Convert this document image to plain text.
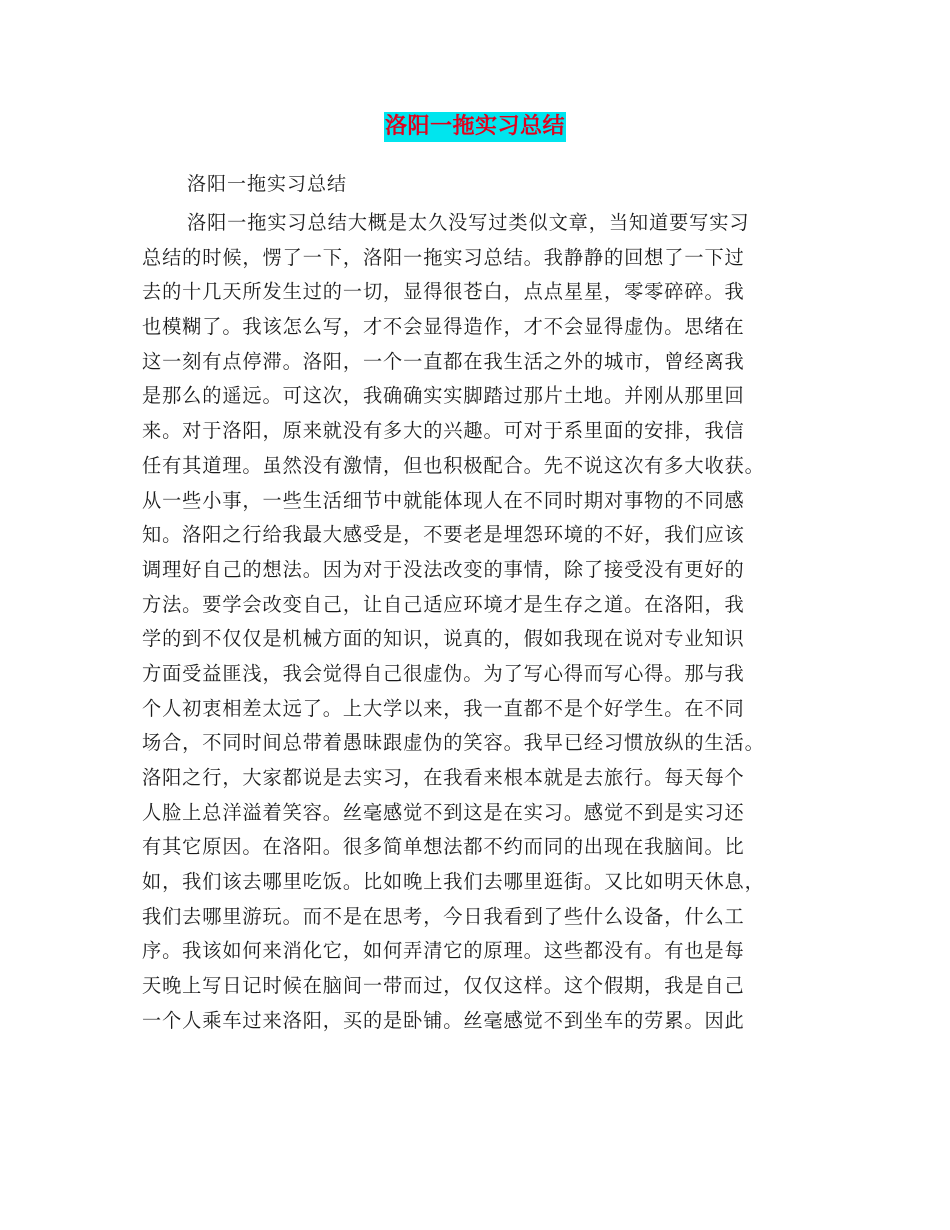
洛阳一拖实习总结
洛阳一拖实习总结
洛阳一拖实习总结大概是太久没写过类似文章，当知道要写实习
总结的时候，愣了一下，洛阳一拖实习总结。我静静的回想了一下过
去的十几天所发生过的一切，显得很苍白，点点星星，零零碎碎。我
也模糊了。我该怎么写，才不会显得造作，才不会显得虚伪。思绪在
这一刻有点停滞。洛阳，一个一直都在我生活之外的城市，曾经离我
是那么的遥远。可这次，我确确实实脚踏过那片土地。并刚从那里回
来。对于洛阳，原来就没有多大的兴趣。可对于系里面的安排，我信
任有其道理。虽然没有激情，但也积极配合。先不说这次有多大收获。
从一些小事，一些生活细节中就能体现人在不同时期对事物的不同感
知。洛阳之行给我最大感受是，不要老是埋怨环境的不好，我们应该
调理好自己的想法。因为对于没法改变的事情，除了接受没有更好的
方法。要学会改变自己，让自己适应环境才是生存之道。在洛阳，我
学的到不仅仅是机械方面的知识，说真的，假如我现在说对专业知识
方面受益匪浅，我会觉得自己很虚伪。为了写心得而写心得。那与我
个人初衷相差太远了。上大学以来，我一直都不是个好学生。在不同
场合，不同时间总带着愚昧跟虚伪的笑容。我早已经习惯放纵的生活。
洛阳之行，大家都说是去实习，在我看来根本就是去旅行。每天每个
人脸上总洋溢着笑容。丝毫感觉不到这是在实习。感觉不到是实习还
有其它原因。在洛阳。很多简单想法都不约而同的出现在我脑间。比
如，我们该去哪里吃饭。比如晚上我们去哪里逛街。又比如明天休息，
我们去哪里游玩。而不是在思考，今日我看到了些什么设备，什么工
序。我该如何来消化它，如何弄清它的原理。这些都没有。有也是每
天晚上写日记时候在脑间一带而过，仅仅这样。这个假期，我是自己
一个人乘车过来洛阳，买的是卧铺。丝毫感觉不到坐车的劳累。因此
